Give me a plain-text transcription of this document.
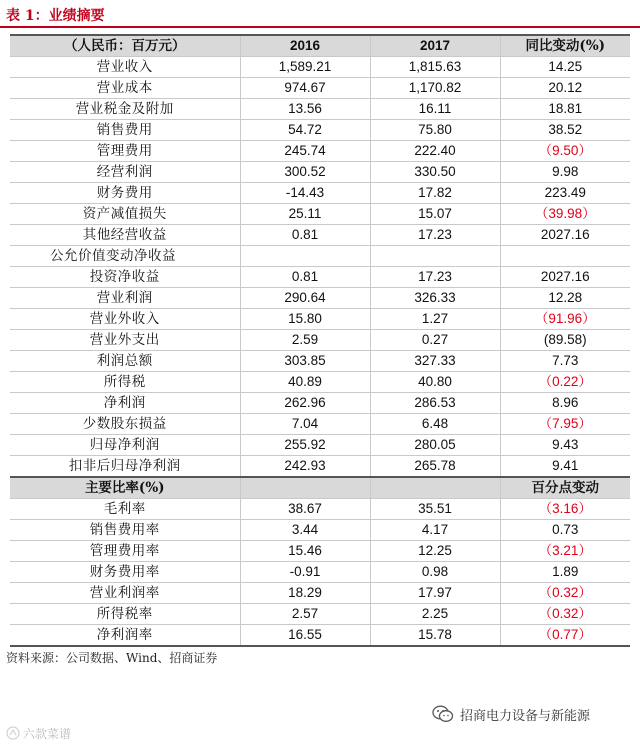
表 1：业绩摘要
（人民币：百万元）	2016	2017	同比变动(%)
营业收入	1,589.21	1,815.63	14.25
营业成本	974.67	1,170.82	20.12
营业税金及附加	13.56	16.11	18.81
销售费用	54.72	75.80	38.52
管理费用	245.74	222.40	（9.50）
经营利润	300.52	330.50	9.98
财务费用	-14.43	17.82	223.49
资产减值损失	25.11	15.07	（39.98）
其他经营收益	0.81	17.23	2027.16
公允价值变动净收益			
投资净收益	0.81	17.23	2027.16
营业利润	290.64	326.33	12.28
营业外收入	15.80	1.27	（91.96）
营业外支出	2.59	0.27	(89.58)
利润总额	303.85	327.33	7.73
所得税	40.89	40.80	（0.22）
净利润	262.96	286.53	8.96
少数股东损益	7.04	6.48	（7.95）
归母净利润	255.92	280.05	9.43
扣非后归母净利润	242.93	265.78	9.41
主要比率(%)			百分点变动
毛利率	38.67	35.51	（3.16）
销售费用率	3.44	4.17	0.73
管理费用率	15.46	12.25	（3.21）
财务费用率	-0.91	0.98	1.89
营业利润率	18.29	17.97	（0.32）
所得税率	2.57	2.25	（0.32）
净利润率	16.55	15.78	（0.77）
资料来源：公司数据、Wind、招商证券
招商电力设备与新能源
六款菜谱
